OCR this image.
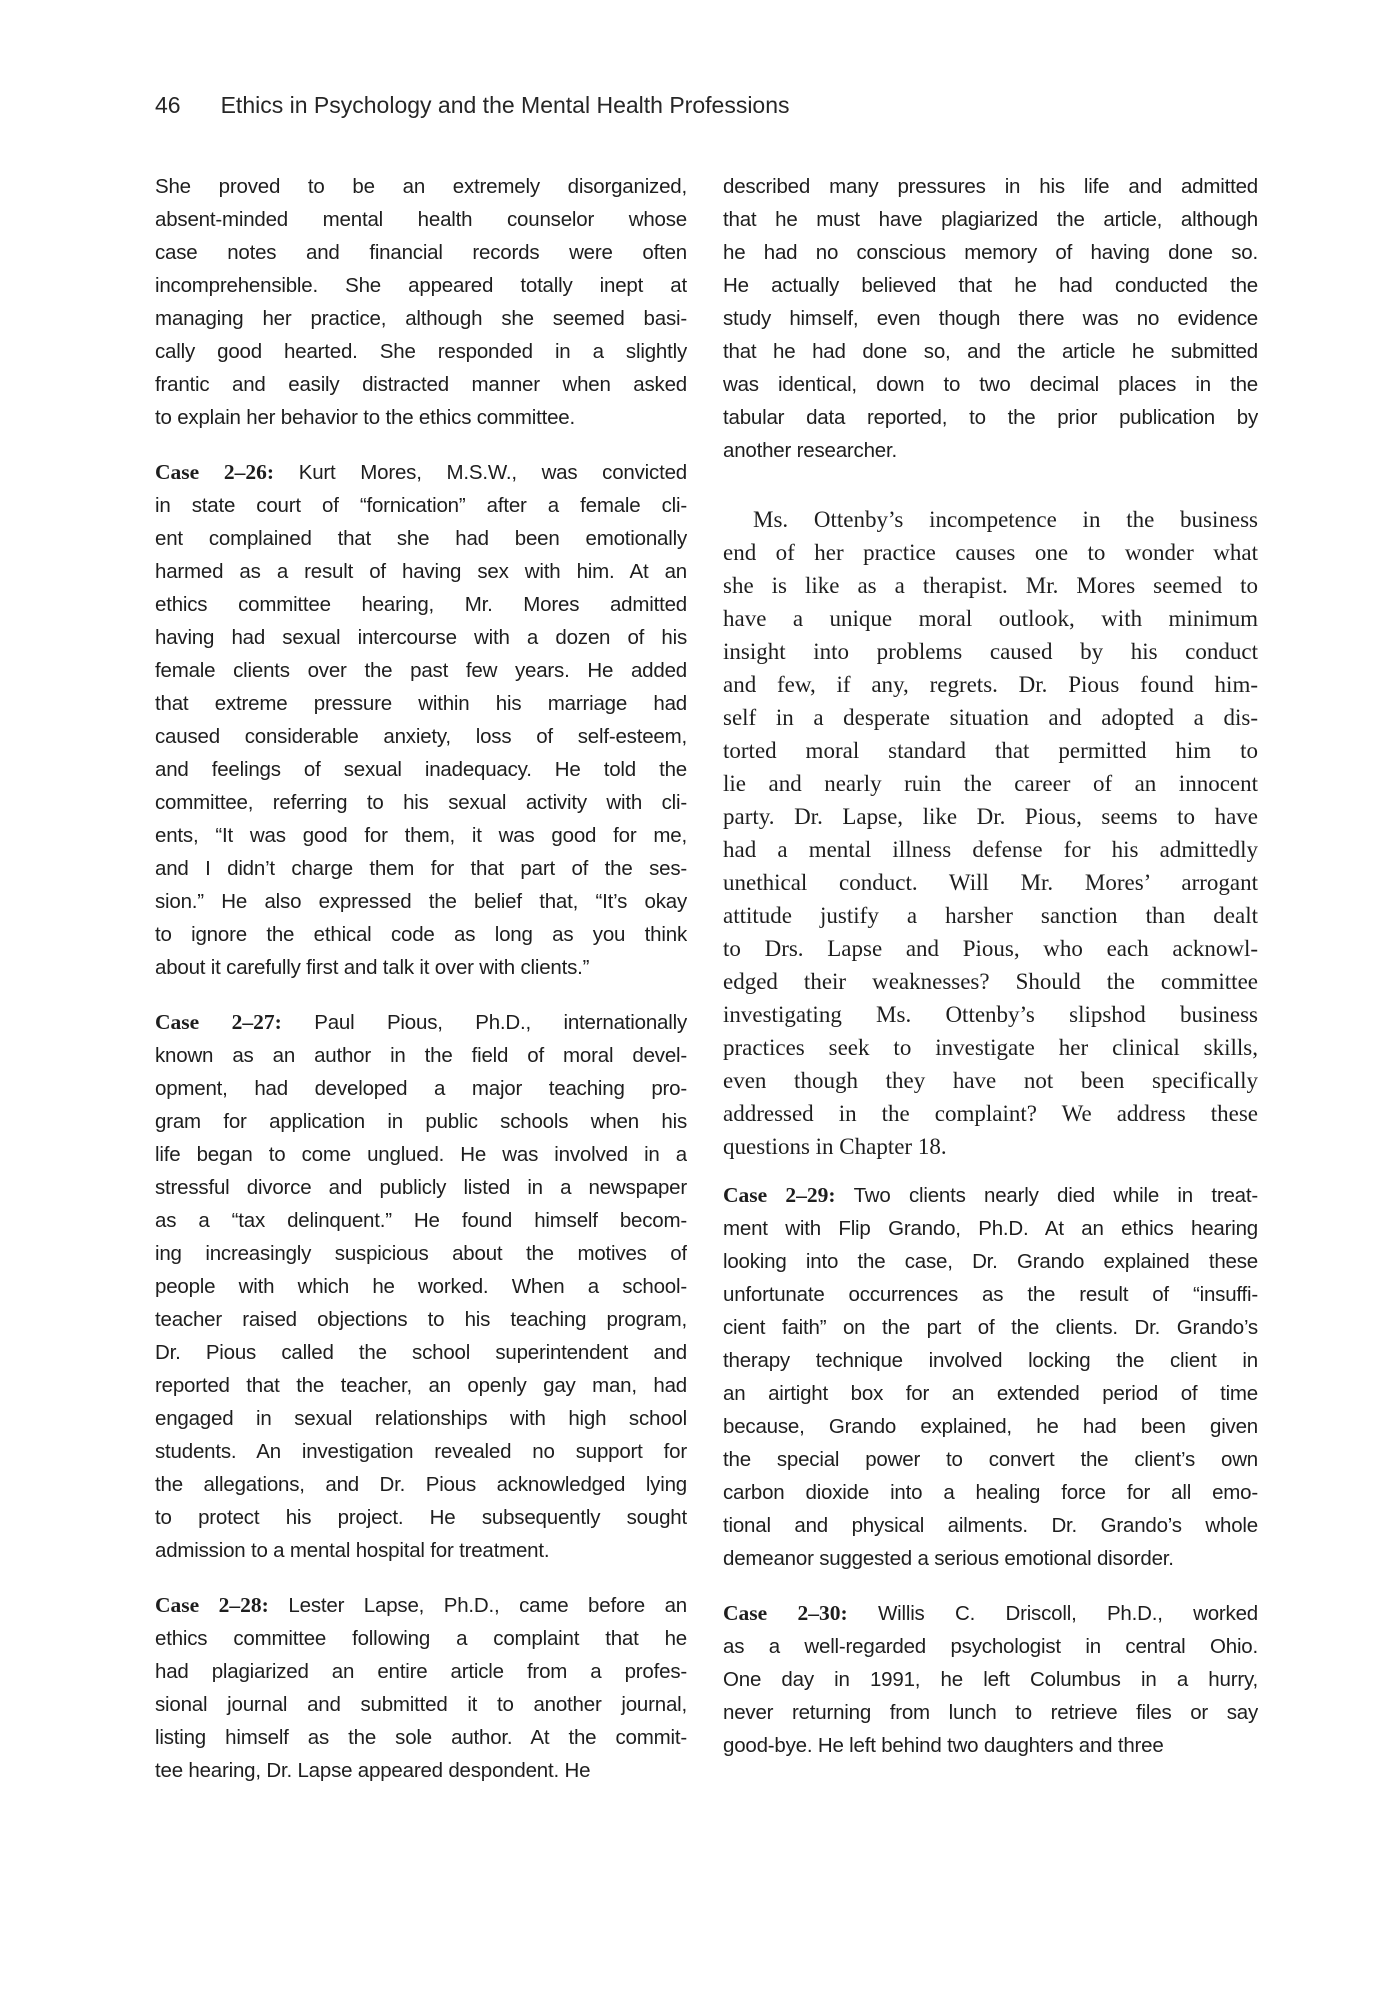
46 Ethics in Psychology and the Mental Health Professions
She proved to be an extremely disorganized,
absent-minded mental health counselor whose
case notes and financial records were often
incomprehensible. She appeared totally inept at
managing her practice, although she seemed basi-
cally good hearted. She responded in a slightly
frantic and easily distracted manner when asked
to explain her behavior to the ethics committee.
Case 2–26: Kurt Mores, M.S.W., was convicted
in state court of “fornication” after a female cli-
ent complained that she had been emotionally
harmed as a result of having sex with him. At an
ethics committee hearing, Mr. Mores admitted
having had sexual intercourse with a dozen of his
female clients over the past few years. He added
that extreme pressure within his marriage had
caused considerable anxiety, loss of self-esteem,
and feelings of sexual inadequacy. He told the
committee, referring to his sexual activity with cli-
ents, “It was good for them, it was good for me,
and I didn’t charge them for that part of the ses-
sion.” He also expressed the belief that, “It’s okay
to ignore the ethical code as long as you think
about it carefully first and talk it over with clients.”
Case 2–27: Paul Pious, Ph.D., internationally
known as an author in the field of moral devel-
opment, had developed a major teaching pro-
gram for application in public schools when his
life began to come unglued. He was involved in a
stressful divorce and publicly listed in a newspaper
as a “tax delinquent.” He found himself becom-
ing increasingly suspicious about the motives of
people with which he worked. When a school-
teacher raised objections to his teaching program,
Dr. Pious called the school superintendent and
reported that the teacher, an openly gay man, had
engaged in sexual relationships with high school
students. An investigation revealed no support for
the allegations, and Dr. Pious acknowledged lying
to protect his project. He subsequently sought
admission to a mental hospital for treatment.
Case 2–28: Lester Lapse, Ph.D., came before an
ethics committee following a complaint that he
had plagiarized an entire article from a profes-
sional journal and submitted it to another journal,
listing himself as the sole author. At the commit-
tee hearing, Dr. Lapse appeared despondent. He
described many pressures in his life and admitted
that he must have plagiarized the article, although
he had no conscious memory of having done so.
He actually believed that he had conducted the
study himself, even though there was no evidence
that he had done so, and the article he submitted
was identical, down to two decimal places in the
tabular data reported, to the prior publication by
another researcher.
Ms. Ottenby’s incompetence in the business
end of her practice causes one to wonder what
she is like as a therapist. Mr. Mores seemed to
have a unique moral outlook, with minimum
insight into problems caused by his conduct
and few, if any, regrets. Dr. Pious found him-
self in a desperate situation and adopted a dis-
torted moral standard that permitted him to
lie and nearly ruin the career of an innocent
party. Dr. Lapse, like Dr. Pious, seems to have
had a mental illness defense for his admittedly
unethical conduct. Will Mr. Mores’ arrogant
attitude justify a harsher sanction than dealt
to Drs. Lapse and Pious, who each acknowl-
edged their weaknesses? Should the committee
investigating Ms. Ottenby’s slipshod business
practices seek to investigate her clinical skills,
even though they have not been specifically
addressed in the complaint? We address these
questions in Chapter 18.
Case 2–29: Two clients nearly died while in treat-
ment with Flip Grando, Ph.D. At an ethics hearing
looking into the case, Dr. Grando explained these
unfortunate occurrences as the result of “insuffi-
cient faith” on the part of the clients. Dr. Grando’s
therapy technique involved locking the client in
an airtight box for an extended period of time
because, Grando explained, he had been given
the special power to convert the client’s own
carbon dioxide into a healing force for all emo-
tional and physical ailments. Dr. Grando’s whole
demeanor suggested a serious emotional disorder.
Case 2–30: Willis C. Driscoll, Ph.D., worked
as a well-regarded psychologist in central Ohio.
One day in 1991, he left Columbus in a hurry,
never returning from lunch to retrieve files or say
good-bye. He left behind two daughters and three
